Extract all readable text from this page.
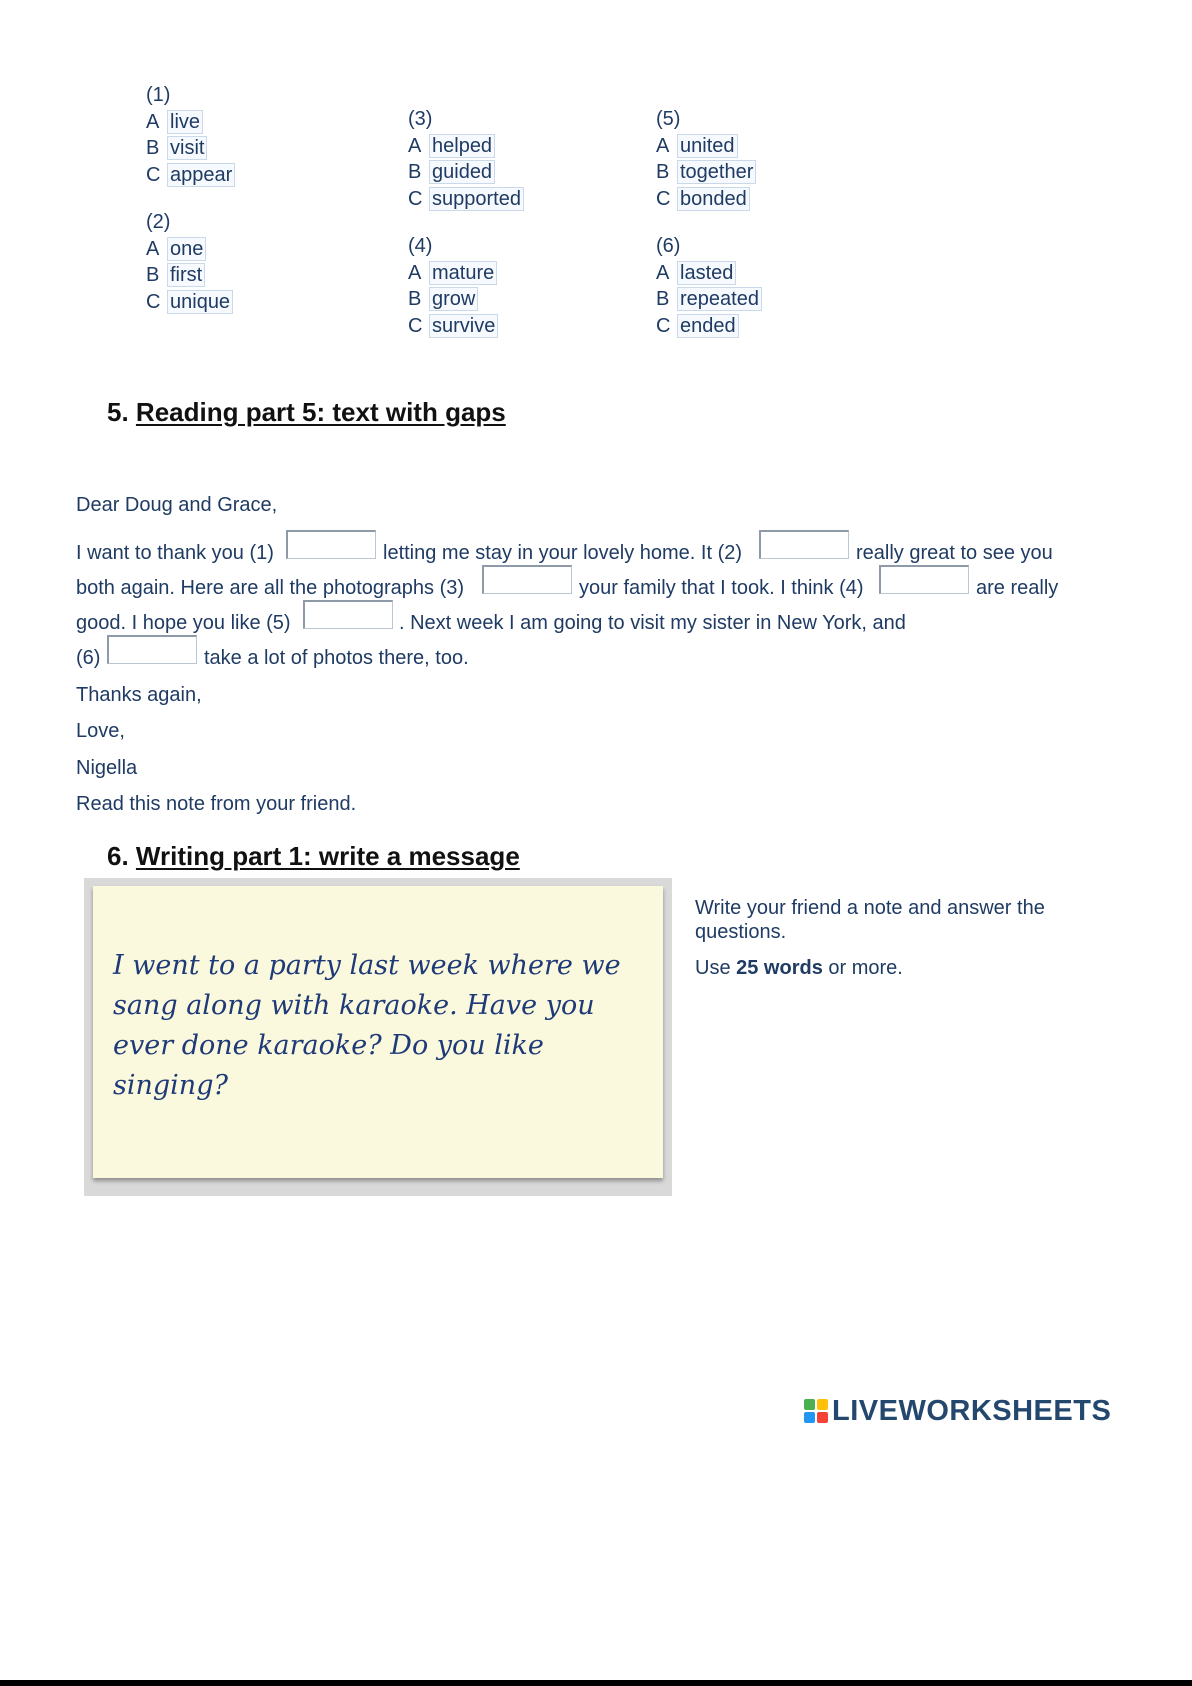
(1)
A live
B visit
C appear
(2)
A one
B first
C unique
(3)
A helped
B guided
C supported
(4)
A mature
B grow
C survive
(5)
A united
B together
C bonded
(6)
A lasted
B repeated
C ended
5. Reading part 5: text with gaps
Dear Doug and Grace,
I want to thank you (1)	letting me stay in your lovely home. It (2)	really great to see you
both again. Here are all the photographs (3)	your family that I took. I think (4)	are really
good. I hope you like (5)	. Next week I am going to visit my sister in New York, and
(6)	take a lot of photos there, too.
Thanks again,
Love,
Nigella
Read this note from your friend.
6. Writing part 1: write a message
I went to a party last week where we sang along with karaoke. Have you ever done karaoke? Do you like singing?
Write your friend a note and answer the questions.
Use 25 words or more.
LIVEWORKSHEETS
